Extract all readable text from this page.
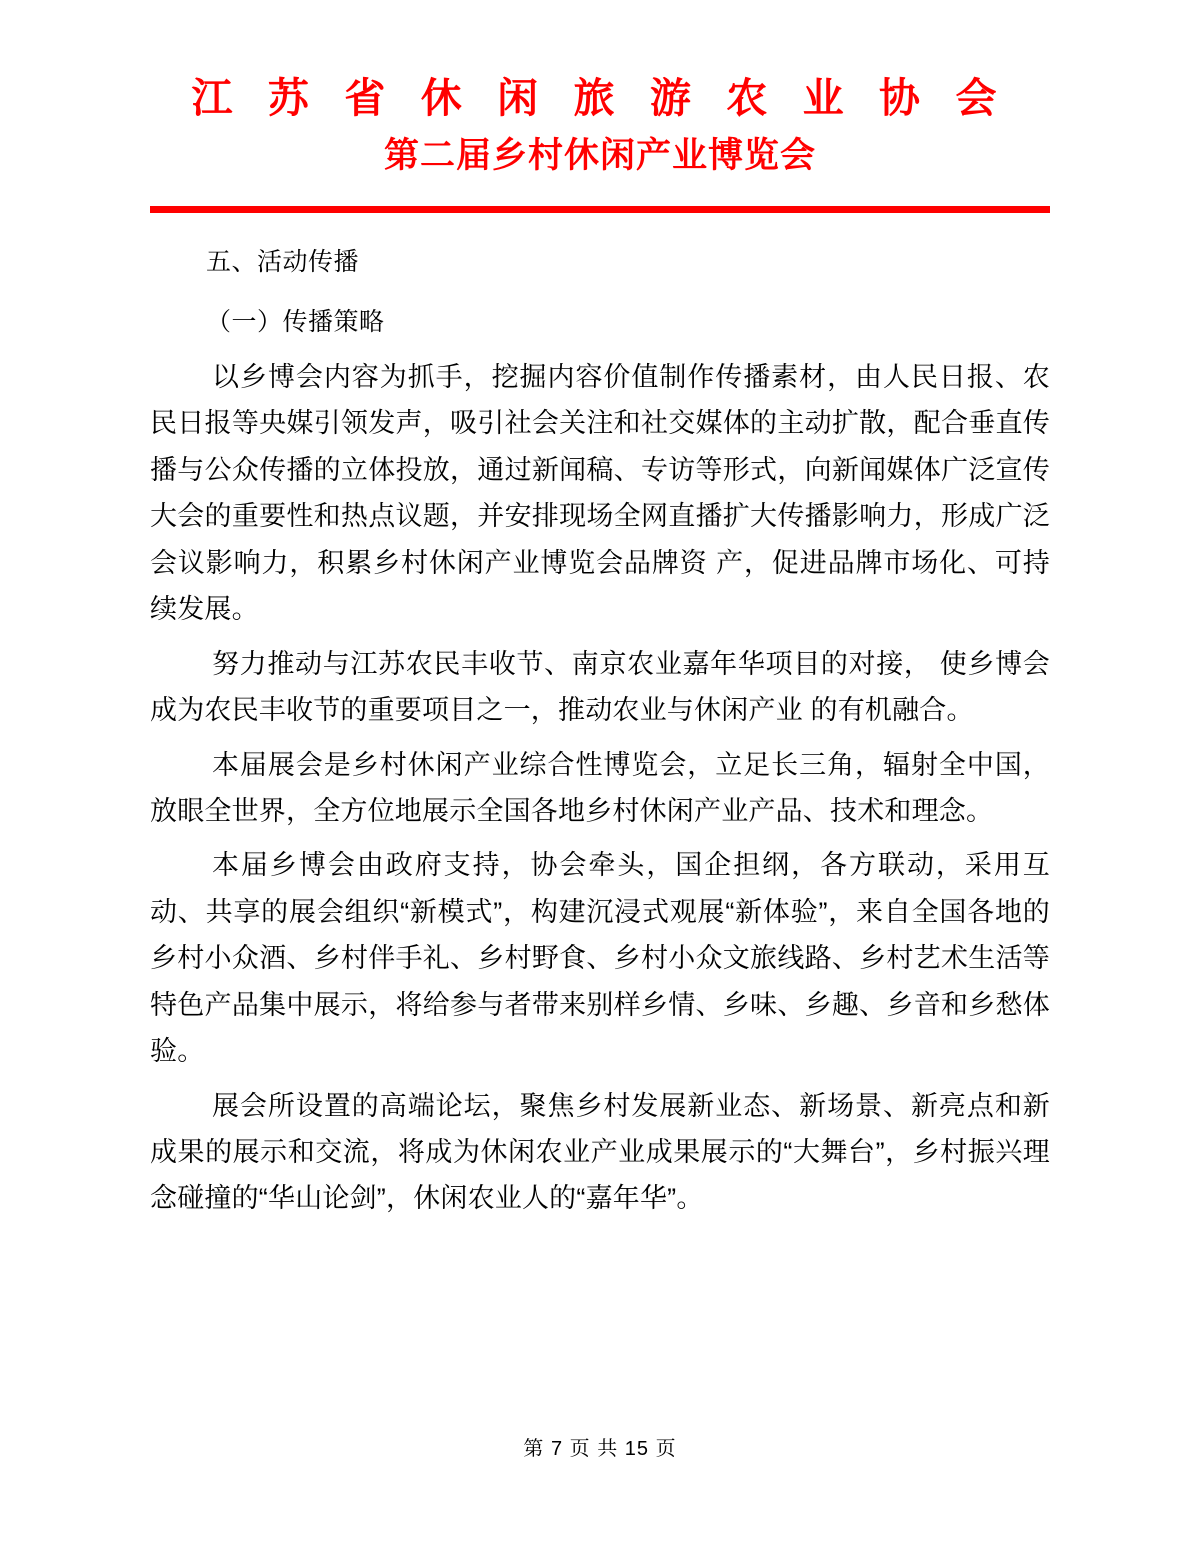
江 苏 省 休 闲 旅 游 农 业 协 会
第二届乡村休闲产业博览会
五、活动传播
（一）传播策略

以乡博会内容为抓手，挖掘内容价值制作传播素材，由人民日报、农民日报等央媒引领发声，吸引社会关注和社交媒体的主动扩散，配合垂直传播与公众传播的立体投放，通过新闻稿、专访等形式，向新闻媒体广泛宣传大会的重要性和热点议题，并安排现场全网直播扩大传播影响力，形成广泛会议影响力，积累乡村休闲产业博览会品牌资 产，促进品牌市场化、可持续发展。

努力推动与江苏农民丰收节、南京农业嘉年华项目的对接， 使乡博会成为农民丰收节的重要项目之一，推动农业与休闲产业 的有机融合。

本届展会是乡村休闲产业综合性博览会，立足长三角，辐射全中国，放眼全世界，全方位地展示全国各地乡村休闲产业产品、技术和理念。

本届乡博会由政府支持，协会牵头，国企担纲，各方联动，采用互动、共享的展会组织“新模式”，构建沉浸式观展“新体验”，来自全国各地的乡村小众酒、乡村伴手礼、乡村野食、乡村小众文旅线路、乡村艺术生活等特色产品集中展示，将给参与者带来别样乡情、乡味、乡趣、乡音和乡愁体验。

展会所设置的高端论坛，聚焦乡村发展新业态、新场景、新亮点和新成果的展示和交流，将成为休闲农业产业成果展示的“大舞台”，乡村振兴理念碰撞的“华山论剑”，休闲农业人的“嘉年华”。

第 7 页 共 15 页
